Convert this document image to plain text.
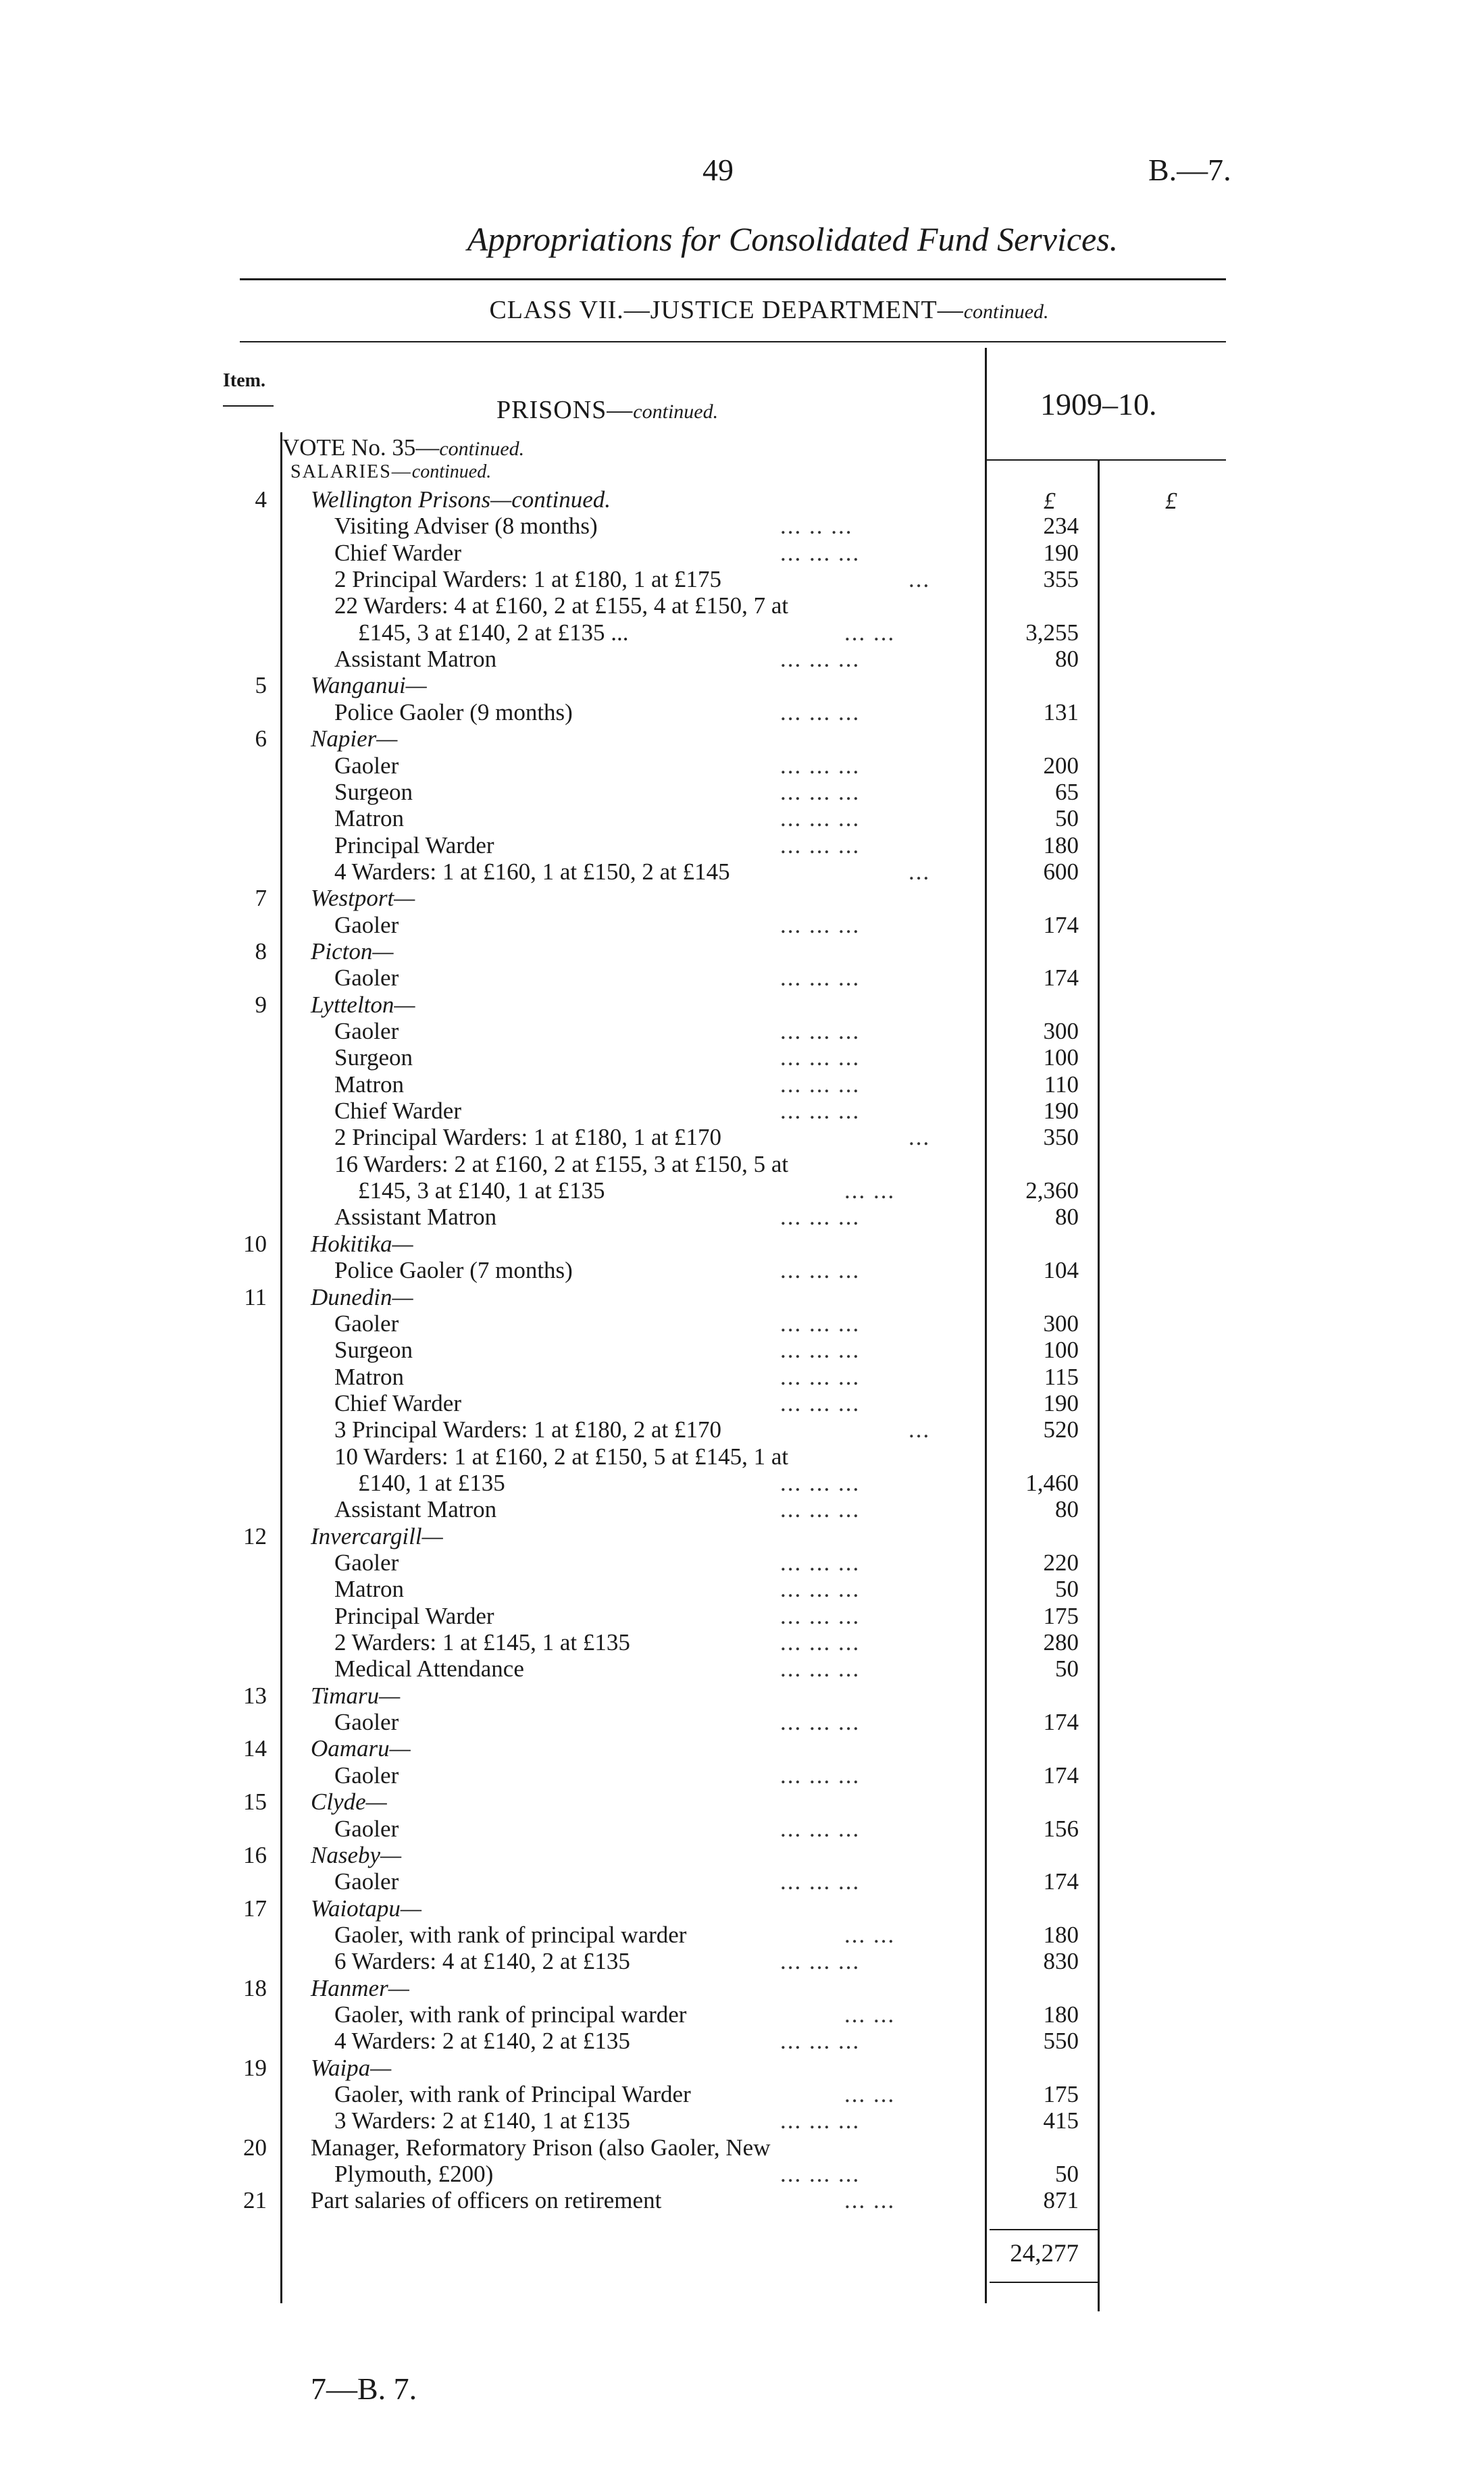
49	B.—7.
Appropriations for Consolidated Fund Services.
CLASS VII.—JUSTICE DEPARTMENT—continued.
Item.
PRISONS—continued.	1909–10.
VOTE No. 35—continued.
SALARIES—continued.
£	£
4 Wellington Prisons—continued.
Visiting Adviser (8 months)	... .. ...	234
Chief Warder	... ... ...	190
2 Principal Warders: 1 at £180, 1 at £175	...	355
22 Warders: 4 at £160, 2 at £155, 4 at £150, 7 at
£145, 3 at £140, 2 at £135 ...	... ...	3,255
Assistant Matron	... ... ...	80
5 Wanganui—
Police Gaoler (9 months)	... ... ...	131
6 Napier—
Gaoler	... ... ...	200
Surgeon	... ... ...	65
Matron	... ... ...	50
Principal Warder	... ... ...	180
4 Warders: 1 at £160, 1 at £150, 2 at £145	...	600
7 Westport—
Gaoler	... ... ...	174
8 Picton—
Gaoler	... ... ...	174
9 Lyttelton—
Gaoler	... ... ...	300
Surgeon	... ... ...	100
Matron	... ... ...	110
Chief Warder	... ... ...	190
2 Principal Warders: 1 at £180, 1 at £170	...	350
16 Warders: 2 at £160, 2 at £155, 3 at £150, 5 at
£145, 3 at £140, 1 at £135	... ...	2,360
Assistant Matron	... ... ...	80
10 Hokitika—
Police Gaoler (7 months)	... ... ...	104
11 Dunedin—
Gaoler	... ... ...	300
Surgeon	... ... ...	100
Matron	... ... ...	115
Chief Warder	... ... ...	190
3 Principal Warders: 1 at £180, 2 at £170	...	520
10 Warders: 1 at £160, 2 at £150, 5 at £145, 1 at
£140, 1 at £135	... ... ...	1,460
Assistant Matron	... ... ...	80
12 Invercargill—
Gaoler	... ... ...	220
Matron	... ... ...	50
Principal Warder	... ... ...	175
2 Warders: 1 at £145, 1 at £135	... ... ...	280
Medical Attendance	... ... ...	50
13 Timaru—
Gaoler	... ... ...	174
14 Oamaru—
Gaoler	... ... ...	174
15 Clyde—
Gaoler	... ... ...	156
16 Naseby—
Gaoler	... ... ...	174
17 Waiotapu—
Gaoler, with rank of principal warder	... ...	180
6 Warders: 4 at £140, 2 at £135	... ... ...	830
18 Hanmer—
Gaoler, with rank of principal warder	... ...	180
4 Warders: 2 at £140, 2 at £135	... ... ...	550
19 Waipa—
Gaoler, with rank of Principal Warder	... ...	175
3 Warders: 2 at £140, 1 at £135	... ... ...	415
20 Manager, Reformatory Prison (also Gaoler, New
Plymouth, £200)	... ... ...	50
21 Part salaries of officers on retirement	... ...	871
24,277
7—B. 7.
